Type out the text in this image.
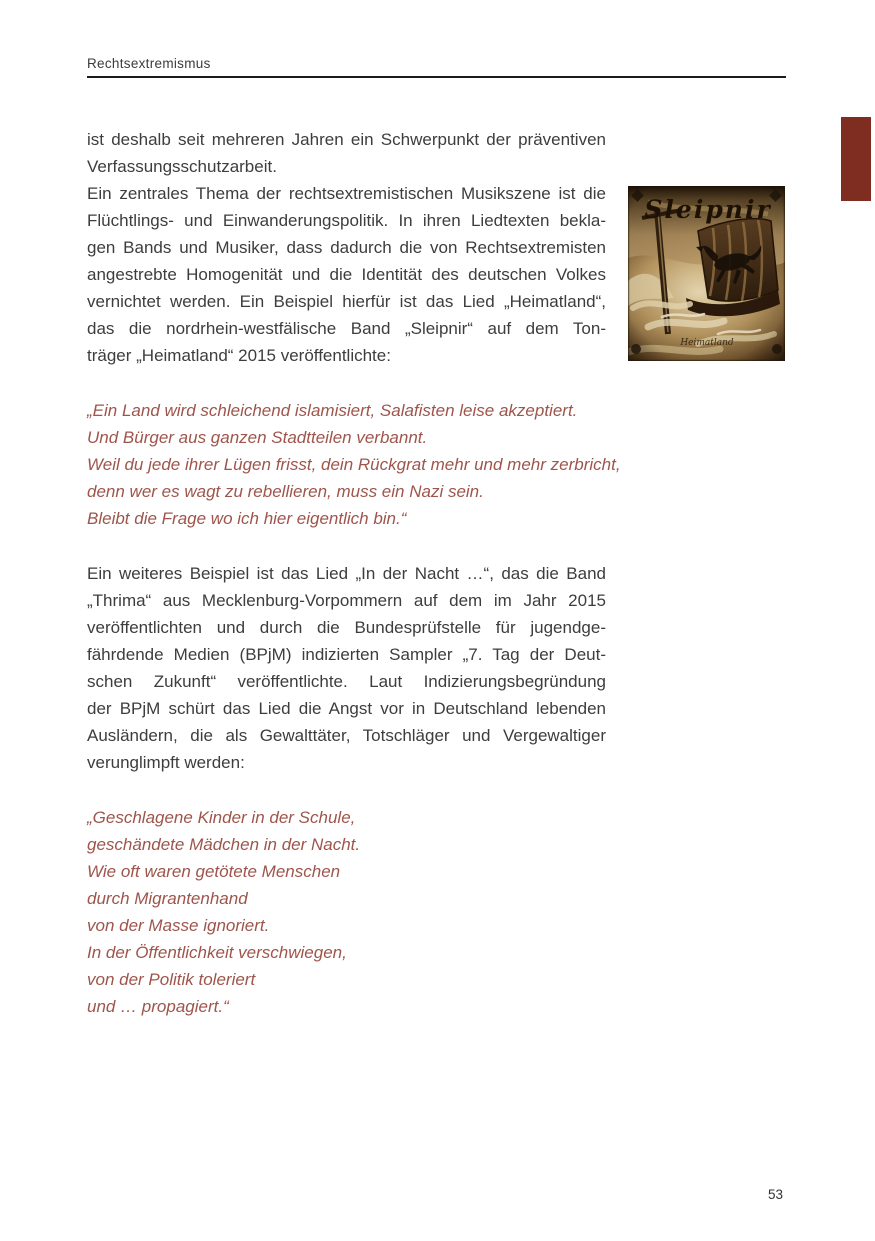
Rechtsextremismus
Sleipnir
Heimatland
ist deshalb seit mehreren Jahren ein Schwerpunkt der präventiven
Verfassungsschutzarbeit.
Ein zentrales Thema der rechtsextremistischen Musikszene ist die
Flüchtlings- und Einwanderungspolitik. In ihren Liedtexten bekla-
gen Bands und Musiker, dass dadurch die von Rechtsextremisten
angestrebte Homogenität und die Identität des deutschen Volkes
vernichtet werden. Ein Beispiel hierfür ist das Lied „Heimatland“,
das die nordrhein-westfälische Band „Sleipnir“ auf dem Ton-
träger „Heimatland“ 2015 veröffentlichte:
„Ein Land wird schleichend islamisiert, Salafisten leise akzeptiert.
Und Bürger aus ganzen Stadtteilen verbannt.
Weil du jede ihrer Lügen frisst, dein Rückgrat mehr und mehr zerbricht,
denn wer es wagt zu rebellieren, muss ein Nazi sein.
Bleibt die Frage wo ich hier eigentlich bin.“
Ein weiteres Beispiel ist das Lied „In der Nacht …“, das die Band
„Thrima“ aus Mecklenburg-Vorpommern auf dem im Jahr 2015
veröffentlichten und durch die Bundesprüfstelle für jugendge-
fährdende Medien (BPjM) indizierten Sampler „7. Tag der Deut-
schen Zukunft“ veröffentlichte. Laut Indizierungsbegründung
der BPjM schürt das Lied die Angst vor in Deutschland lebenden
Ausländern, die als Gewalttäter, Totschläger und Vergewaltiger
verunglimpft werden:
„Geschlagene Kinder in der Schule,
geschändete Mädchen in der Nacht.
Wie oft waren getötete Menschen
durch Migrantenhand
von der Masse ignoriert.
In der Öffentlichkeit verschwiegen,
von der Politik toleriert
und … propagiert.“
53
